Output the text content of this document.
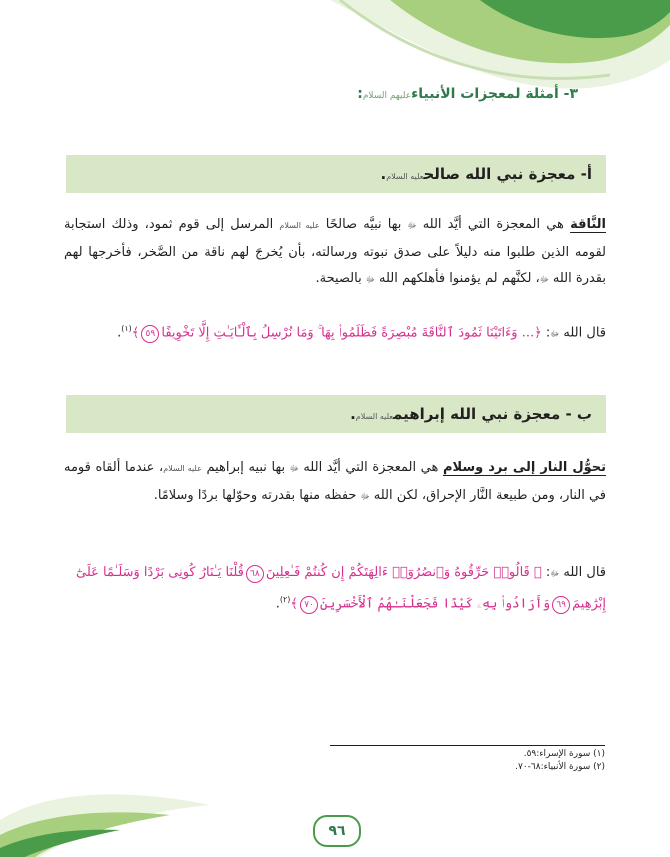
٣- أمثلة لمعجزات الأنبياءعليهم السلام:
أ- معجزة نبي الله صالحعليه السلام.
النَّاقة هي المعجزة التي أيَّد الله ﷻ بها نبيَّه صالحًا عليه السلام المرسل إلى قوم ثمود، وذلك استجابة لقومه الذين طلبوا منه دليلاً على صدق نبوته ورسالته، بأن يُخرجَ لهم ناقة من الصَّخر، فأخرجها لهم بقدرة الله ﷻ، لكنَّهم لم يؤمنوا فأهلكهم الله ﷻ بالصيحة.
قال الله ﷻ: ﴿... وَءَاتَيْنَا ثَمُودَ ٱلنَّاقَةَ مُبْصِرَةً فَظَلَمُوا۟ بِهَا ۚ وَمَا نُرْسِلُ بِٱلْـَٔايَـٰتِ إِلَّا تَخْوِيفًا٥٩﴾$^{(١)}$.
ب - معجزة نبي الله إبراهيمعليه السلام.
تحوُّل النار إلى برد وسلام هي المعجزة التي أيَّد الله ﷻ بها نبيه إبراهيم عليه السلام، عندما ألقاه قومه في النار، ومن طبيعة النَّار الإحراق، لكن الله ﷻ حفظه منها بقدرته وحوّلها بردًا وسلامًا.
قال الله ﷻ: ﴿ قَالُوا۟ حَرِّقُوهُ وَٱنصُرُوٓا۟ ءَالِهَتَكُمْ إِن كُنتُمْ فَـٰعِلِينَ٦٨قُلْنَا يَـٰنَارُ كُونِى بَرْدًا وَسَلَـٰمًا عَلَىٰٓ إِبْرَٰهِيمَ٦٩وَأَرَادُوا۟ بِهِۦ كَيْدًا فَجَعَلْنَـٰهُمُ ٱلْأَخْسَرِينَ٧٠﴾$^{(٢)}$.
(١) سورة الإسراء:٥٩.
(٢) سورة الأنبياء:٦٨-٧٠.
٩٦
